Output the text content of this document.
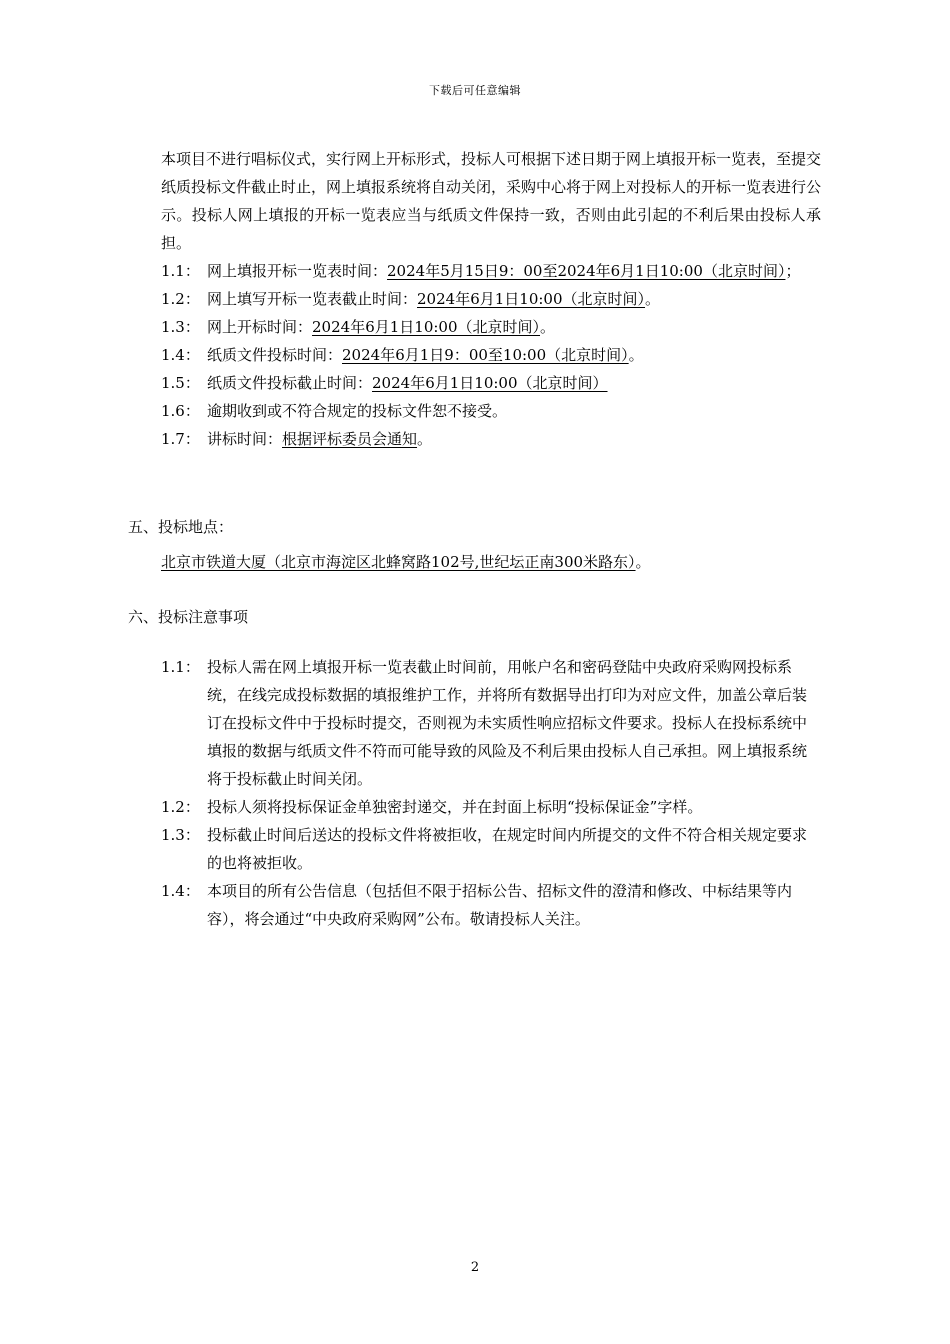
下载后可任意编辑

本项目不进行唱标仪式，实行网上开标形式，投标人可根据下述日期于网上填报开标一览表，至提交纸质投标文件截止时止，网上填报系统将自动关闭，采购中心将于网上对投标人的开标一览表进行公示。投标人网上填报的开标一览表应当与纸质文件保持一致，否则由此引起的不利后果由投标人承担。

1.1： 网上填报开标一览表时间：2024年5月15日9：00至2024年6月1日10:00（北京时间）；
1.2： 网上填写开标一览表截止时间：2024年6月1日10:00（北京时间）。
1.3： 网上开标时间：2024年6月1日10:00（北京时间）。
1.4： 纸质文件投标时间：2024年6月1日9：00至10:00（北京时间）。
1.5： 纸质文件投标截止时间：2024年6月1日10:00（北京时间）
1.6： 逾期收到或不符合规定的投标文件恕不接受。
1.7： 讲标时间：根据评标委员会通知。
五、投标地点：

北京市铁道大厦（北京市海淀区北蜂窝路102号,世纪坛正南300米路东）。

六、投标注意事项
1.1： 投标人需在网上填报开标一览表截止时间前，用帐户名和密码登陆中央政府采购网投标系统，在线完成投标数据的填报维护工作，并将所有数据导出打印为对应文件，加盖公章后装订在投标文件中于投标时提交，否则视为未实质性响应招标文件要求。投标人在投标系统中填报的数据与纸质文件不符而可能导致的风险及不利后果由投标人自己承担。网上填报系统将于投标截止时间关闭。
1.2： 投标人须将投标保证金单独密封递交，并在封面上标明“投标保证金”字样。
1.3： 投标截止时间后送达的投标文件将被拒收，在规定时间内所提交的文件不符合相关规定要求的也将被拒收。
1.4： 本项目的所有公告信息（包括但不限于招标公告、招标文件的澄清和修改、中标结果等内容），将会通过“中央政府采购网”公布。敬请投标人关注。
2
